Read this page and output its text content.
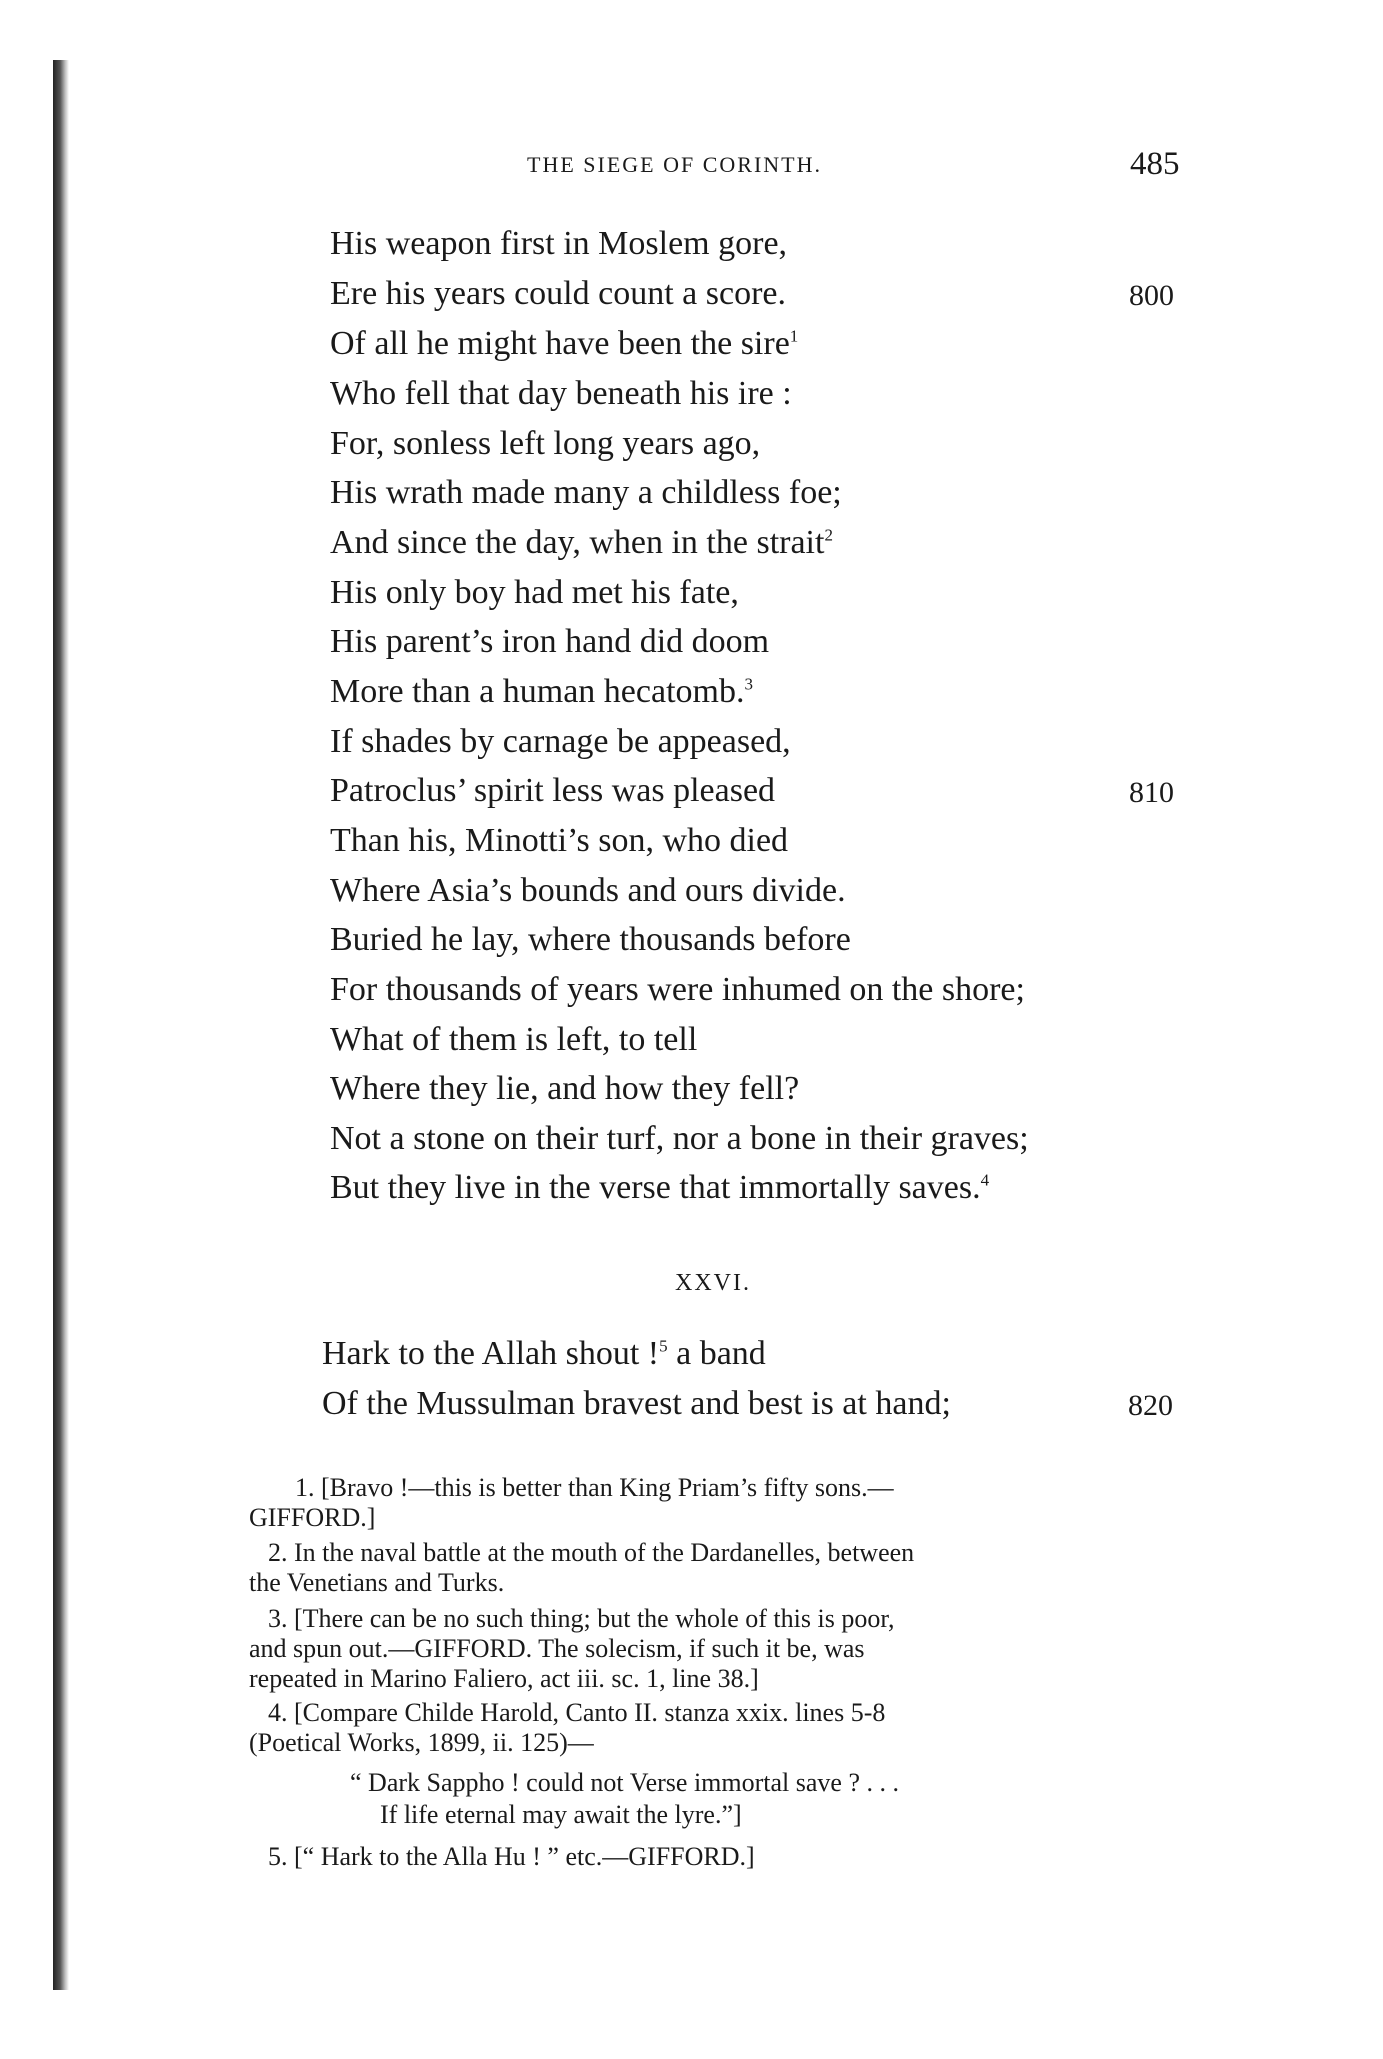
THE SIEGE OF CORINTH.	485
His weapon first in Moslem gore,
Ere his years could count a score.	800
Of all he might have been the sire$^1$
Who fell that day beneath his ire :
For, sonless left long years ago,
His wrath made many a childless foe;
And since the day, when in the strait$^2$
His only boy had met his fate,
His parent’s iron hand did doom
More than a human hecatomb.$^3$
If shades by carnage be appeased,
Patroclus’ spirit less was pleased	810
Than his, Minotti’s son, who died
Where Asia’s bounds and ours divide.
Buried he lay, where thousands before
For thousands of years were inhumed on the shore;
What of them is left, to tell
Where they lie, and how they fell?
Not a stone on their turf, nor a bone in their graves;
But they live in the verse that immortally saves.$^4$
XXVI.
Hark to the Allah shout !$^5$ a band
Of the Mussulman bravest and best is at hand;	820
1. [Bravo !—this is better than King Priam’s fifty sons.—
GIFFORD.]
2. In the naval battle at the mouth of the Dardanelles, between
the Venetians and Turks.
3. [There can be no such thing; but the whole of this is poor,
and spun out.—GIFFORD. The solecism, if such it be, was
repeated in Marino Faliero, act iii. sc. 1, line 38.]
4. [Compare Childe Harold, Canto II. stanza xxix. lines 5-8
(Poetical Works, 1899, ii. 125)—
“ Dark Sappho ! could not Verse immortal save ? . . .
If life eternal may await the lyre.”]
5. [“ Hark to the Alla Hu ! ” etc.—GIFFORD.]
